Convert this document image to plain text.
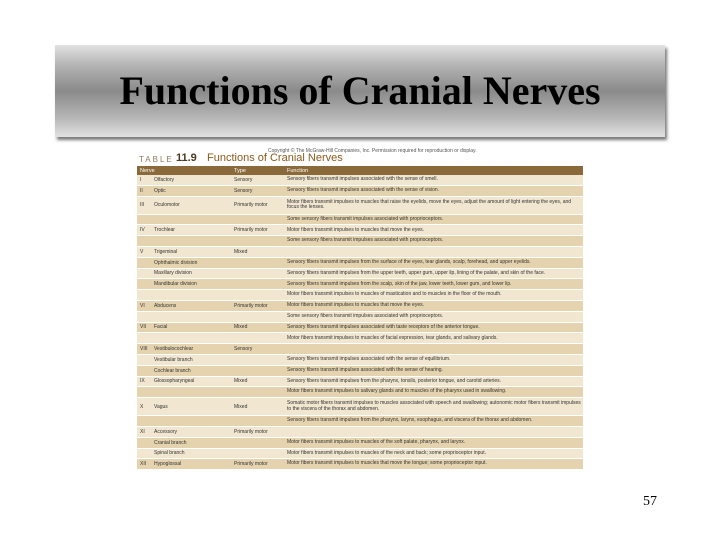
Functions of Cranial Nerves
Copyright © The McGraw-Hill Companies, Inc. Permission required for reproduction or display.
TABLE 11.9 Functions of Cranial Nerves
Nerve		Type	Function
I	Olfactory	Sensory	Sensory fibers transmit impulses associated with the sense of smell.
II	Optic	Sensory	Sensory fibers transmit impulses associated with the sense of vision.
III	Oculomotor	Primarily motor	Motor fibers transmit impulses to muscles that raise the eyelids, move the eyes, adjust the amount of light entering the eyes, and focus the lenses.
			Some sensory fibers transmit impulses associated with proprioceptors.
IV	Trochlear	Primarily motor	Motor fibers transmit impulses to muscles that move the eyes.
			Some sensory fibers transmit impulses associated with proprioceptors.
V	Trigeminal	Mixed	
	Ophthalmic division		Sensory fibers transmit impulses from the surface of the eyes, tear glands, scalp, forehead, and upper eyelids.
	Maxillary division		Sensory fibers transmit impulses from the upper teeth, upper gum, upper lip, lining of the palate, and skin of the face.
	Mandibular division		Sensory fibers transmit impulses from the scalp, skin of the jaw, lower teeth, lower gum, and lower lip.
			Motor fibers transmit impulses to muscles of mastication and to muscles in the floor of the mouth.
VI	Abducens	Primarily motor	Motor fibers transmit impulses to muscles that move the eyes.
			Some sensory fibers transmit impulses associated with proprioceptors.
VII	Facial	Mixed	Sensory fibers transmit impulses associated with taste receptors of the anterior tongue.
			Motor fibers transmit impulses to muscles of facial expression, tear glands, and salivary glands.
VIII	Vestibulocochlear	Sensory	
	Vestibular branch		Sensory fibers transmit impulses associated with the sense of equilibrium.
	Cochlear branch		Sensory fibers transmit impulses associated with the sense of hearing.
IX	Glossopharyngeal	Mixed	Sensory fibers transmit impulses from the pharynx, tonsils, posterior tongue, and carotid arteries.
			Motor fibers transmit impulses to salivary glands and to muscles of the pharynx used in swallowing.
X	Vagus	Mixed	Somatic motor fibers transmit impulses to muscles associated with speech and swallowing; autonomic motor fibers transmit impulses to the viscera of the thorax and abdomen.
			Sensory fibers transmit impulses from the pharynx, larynx, esophagus, and viscera of the thorax and abdomen.
XI	Accessory	Primarily motor	
	Cranial branch		Motor fibers transmit impulses to muscles of the soft palate, pharynx, and larynx.
	Spinal branch		Motor fibers transmit impulses to muscles of the neck and back; some proprioceptor input.
XII	Hypoglossal	Primarily motor	Motor fibers transmit impulses to muscles that move the tongue; some proprioceptor input.
57
